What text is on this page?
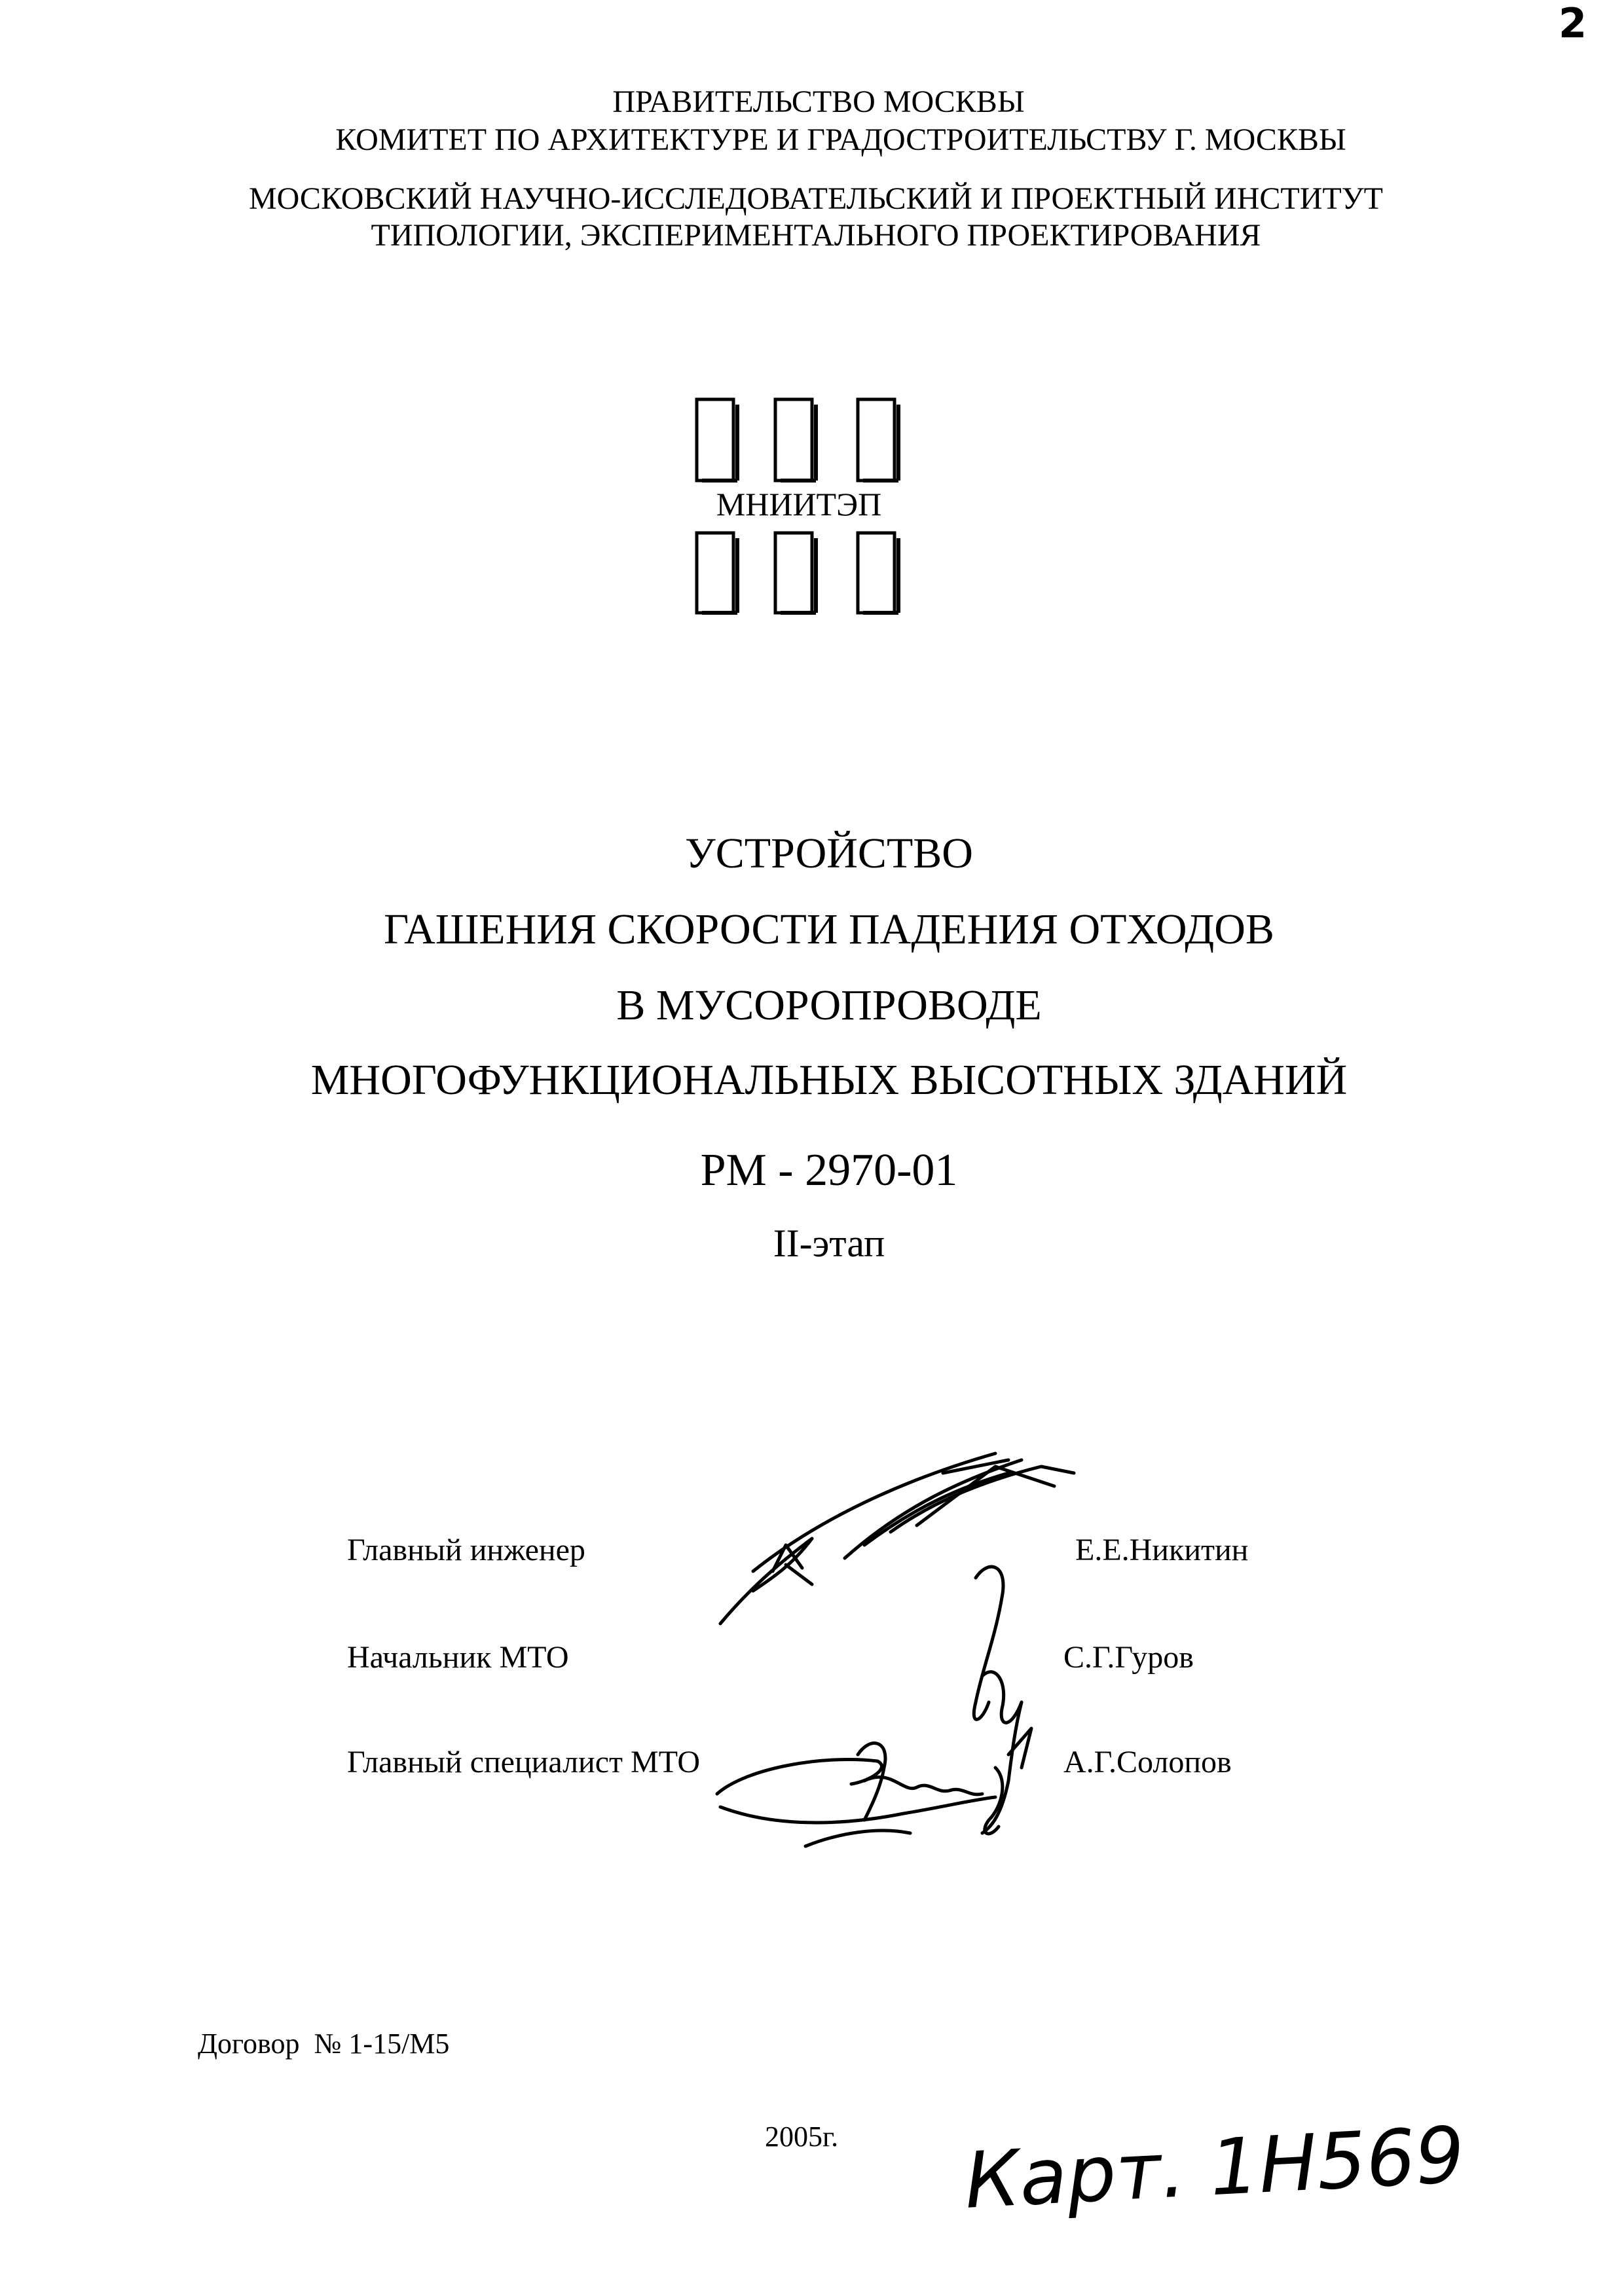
2
ПРАВИТЕЛЬСТВО МОСКВЫ
КОМИТЕТ ПО АРХИТЕКТУРЕ И ГРАДОСТРОИТЕЛЬСТВУ Г. МОСКВЫ
МОСКОВСКИЙ НАУЧНО-ИССЛЕДОВАТЕЛЬСКИЙ И ПРОЕКТНЫЙ ИНСТИТУТ
ТИПОЛОГИИ, ЭКСПЕРИМЕНТАЛЬНОГО ПРОЕКТИРОВАНИЯ
МНИИТЭП
УСТРОЙСТВО
ГАШЕНИЯ СКОРОСТИ ПАДЕНИЯ ОТХОДОВ
В МУСОРОПРОВОДЕ
МНОГОФУНКЦИОНАЛЬНЫХ ВЫСОТНЫХ ЗДАНИЙ
РМ - 2970-01
II-этап
Главный инженер	Е.Е.Никитин
Начальник МТО	С.Г.Гуров
Главный специалист МТО	А.Г.Солопов
Договор  № 1-15/М5
2005г. Карт. 1Н569
